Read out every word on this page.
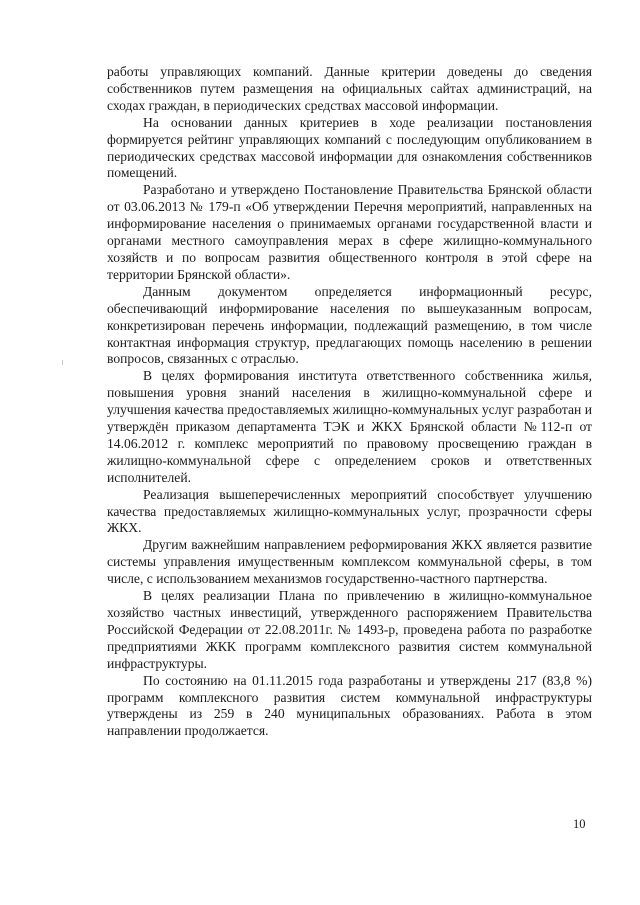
работы управляющих компаний. Данные критерии доведены до сведения собственников путем размещения на официальных сайтах администраций, на сходах граждан, в периодических средствах массовой информации.

На основании данных критериев в ходе реализации постановления формируется рейтинг управляющих компаний с последующим опубликованием в периодических средствах массовой информации для ознакомления собственников помещений.

Разработано и утверждено Постановление Правительства Брянской области от 03.06.2013 № 179-п «Об утверждении Перечня мероприятий, направленных на информирование населения о принимаемых органами государственной власти и органами местного самоуправления мерах в сфере жилищно-коммунального хозяйств и по вопросам развития общественного контроля в этой сфере на территории Брянской области».

Данным документом определяется информационный ресурс, обеспечивающий информирование населения по вышеуказанным вопросам, конкретизирован перечень информации, подлежащий размещению, в том числе контактная информация структур, предлагающих помощь населению в решении вопросов, связанных с отраслью.

В целях формирования института ответственного собственника жилья, повышения уровня знаний населения в жилищно-коммунальной сфере и улучшения качества предоставляемых жилищно-коммунальных услуг разработан и утверждён приказом департамента ТЭК и ЖКХ Брянской области №112-п от 14.06.2012 г. комплекс мероприятий по правовому просвещению граждан в жилищно-коммунальной сфере с определением сроков и ответственных исполнителей.

Реализация вышеперечисленных мероприятий способствует улучшению качества предоставляемых жилищно-коммунальных услуг, прозрачности сферы ЖКХ.

Другим важнейшим направлением реформирования ЖКХ является развитие системы управления имущественным комплексом коммунальной сферы, в том числе, с использованием механизмов государственно-частного партнерства.

В целях реализации Плана по привлечению в жилищно-коммунальное хозяйство частных инвестиций, утвержденного распоряжением Правительства Российской Федерации от 22.08.2011г. № 1493-р, проведена работа по разработке предприятиями ЖКК программ комплексного развития систем коммунальной инфраструктуры.

По состоянию на 01.11.2015 года разработаны и утверждены 217 (83,8 %) программ комплексного развития систем коммунальной инфраструктуры утверждены из 259 в 240 муниципальных образованиях. Работа в этом направлении продолжается.

10
